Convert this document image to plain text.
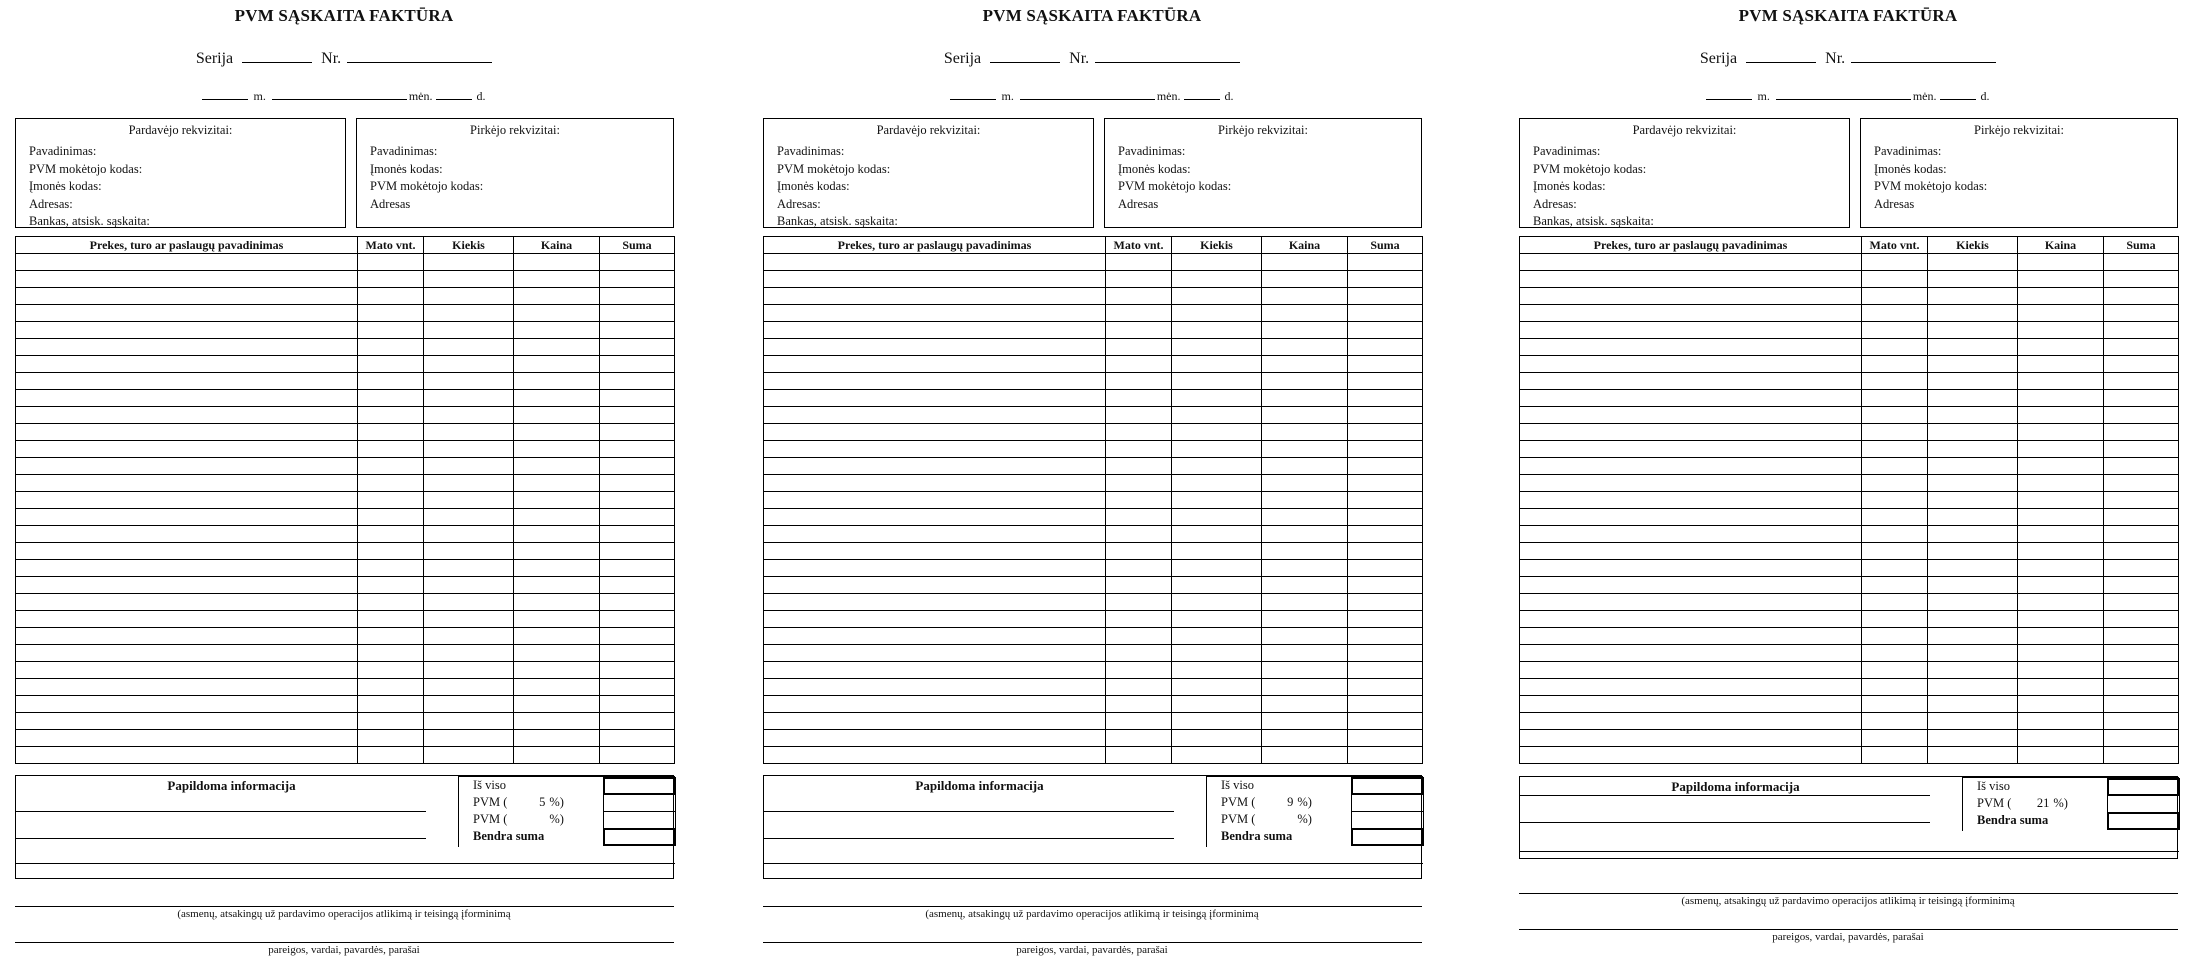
PVM SĄSKAITA FAKTŪRA
Serija	Nr.
m.	mėn.	d.
Pardavėjo rekvizitai:
Pavadinimas:
PVM mokėtojo kodas:
Įmonės kodas:
Adresas:
Bankas, atsisk. sąskaita:
Pirkėjo rekvizitai:
Pavadinimas:
Įmonės kodas:
PVM mokėtojo kodas:
Adresas
Prekes, turo ar paslaugų pavadinimas	Mato vnt.	Kiekis	Kaina	Suma

Papildoma informacija	Iš viso
PVM (	5 %)
PVM (	%)
Bendra suma
(asmenų, atsakingų už pardavimo operacijos atlikimą ir teisingą įforminimą
pareigos, vardai, pavardės, parašai
PVM SĄSKAITA FAKTŪRA
Serija	Nr.
m.	mėn.	d.
Pardavėjo rekvizitai:
Pavadinimas:
PVM mokėtojo kodas:
Įmonės kodas:
Adresas:
Bankas, atsisk. sąskaita:
Pirkėjo rekvizitai:
Pavadinimas:
Įmonės kodas:
PVM mokėtojo kodas:
Adresas
Prekes, turo ar paslaugų pavadinimas	Mato vnt.	Kiekis	Kaina	Suma

Papildoma informacija	Iš viso
PVM (	9 %)
PVM (	%)
Bendra suma
(asmenų, atsakingų už pardavimo operacijos atlikimą ir teisingą įforminimą
pareigos, vardai, pavardės, parašai
PVM SĄSKAITA FAKTŪRA
Serija	Nr.
m.	mėn.	d.
Pardavėjo rekvizitai:
Pavadinimas:
PVM mokėtojo kodas:
Įmonės kodas:
Adresas:
Bankas, atsisk. sąskaita:
Pirkėjo rekvizitai:
Pavadinimas:
Įmonės kodas:
PVM mokėtojo kodas:
Adresas
Prekes, turo ar paslaugų pavadinimas	Mato vnt.	Kiekis	Kaina	Suma

Papildoma informacija	Iš viso
PVM ( 21 %)
Bendra suma
(asmenų, atsakingų už pardavimo operacijos atlikimą ir teisingą įforminimą
pareigos, vardai, pavardės, parašai
